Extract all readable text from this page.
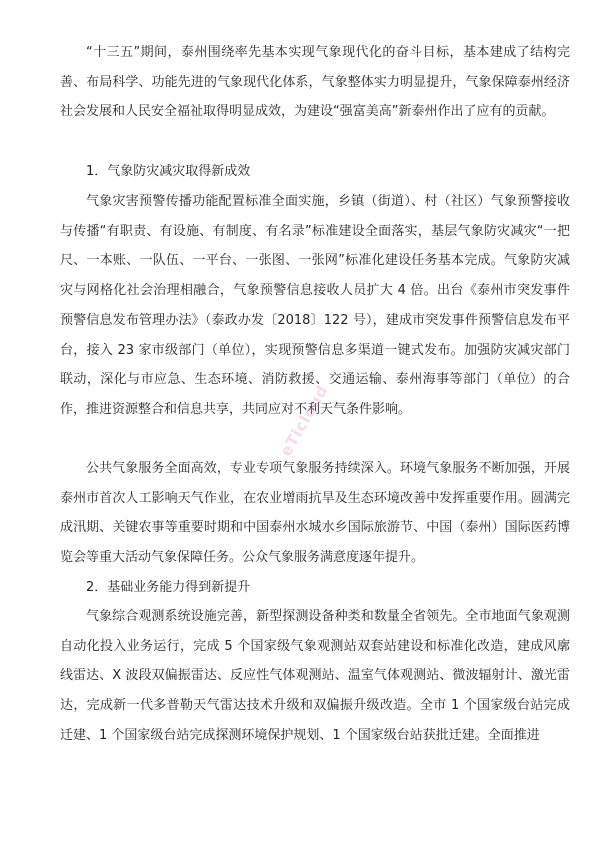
“十三五”期间，泰州围绕率先基本实现气象现代化的奋斗目标，基本建成了结构完善、布局科学、功能先进的气象现代化体系，气象整体实力明显提升，气象保障泰州经济社会发展和人民安全福祉取得明显成效，为建设“强富美高”新泰州作出了应有的贡献。

1．气象防灾减灾取得新成效

气象灾害预警传播功能配置标准全面实施，乡镇（街道）、村（社区）气象预警接收与传播“有职责、有设施、有制度、有名录”标准建设全面落实，基层气象防灾减灾“一把尺、一本账、一队伍、一平台、一张图、一张网”标准化建设任务基本完成。气象防灾减灾与网格化社会治理相融合，气象预警信息接收人员扩大 4 倍。出台《泰州市突发事件预警信息发布管理办法》（泰政办发〔2018〕122 号），建成市突发事件预警信息发布平台，接入 23 家市级部门（单位），实现预警信息多渠道一键式发布。加强防灾减灾部门联动，深化与市应急、生态环境、消防救援、交通运输、泰州海事等部门（单位）的合作，推进资源整合和信息共享，共同应对不利天气条件影响。

公共气象服务全面高效，专业专项气象服务持续深入。环境气象服务不断加强，开展泰州市首次人工影响天气作业，在农业增雨抗旱及生态环境改善中发挥重要作用。圆满完成汛期、关键农事等重要时期和中国泰州水城水乡国际旅游节、中国（泰州）国际医药博览会等重大活动气象保障任务。公众气象服务满意度逐年提升。

2．基础业务能力得到新提升

气象综合观测系统设施完善，新型探测设备种类和数量全省领先。全市地面气象观测自动化投入业务运行，完成 5 个国家级气象观测站双套站建设和标准化改造，建成风廓线雷达、X 波段双偏振雷达、反应性气体观测站、温室气体观测站、微波辐射计、激光雷达，完成新一代多普勒天气雷达技术升级和双偏振升级改造。全市 1 个国家级台站完成迁建、1 个国家级台站完成探测环境保护规划、1 个国家级台站获批迁建。全面推进

eTicloud
